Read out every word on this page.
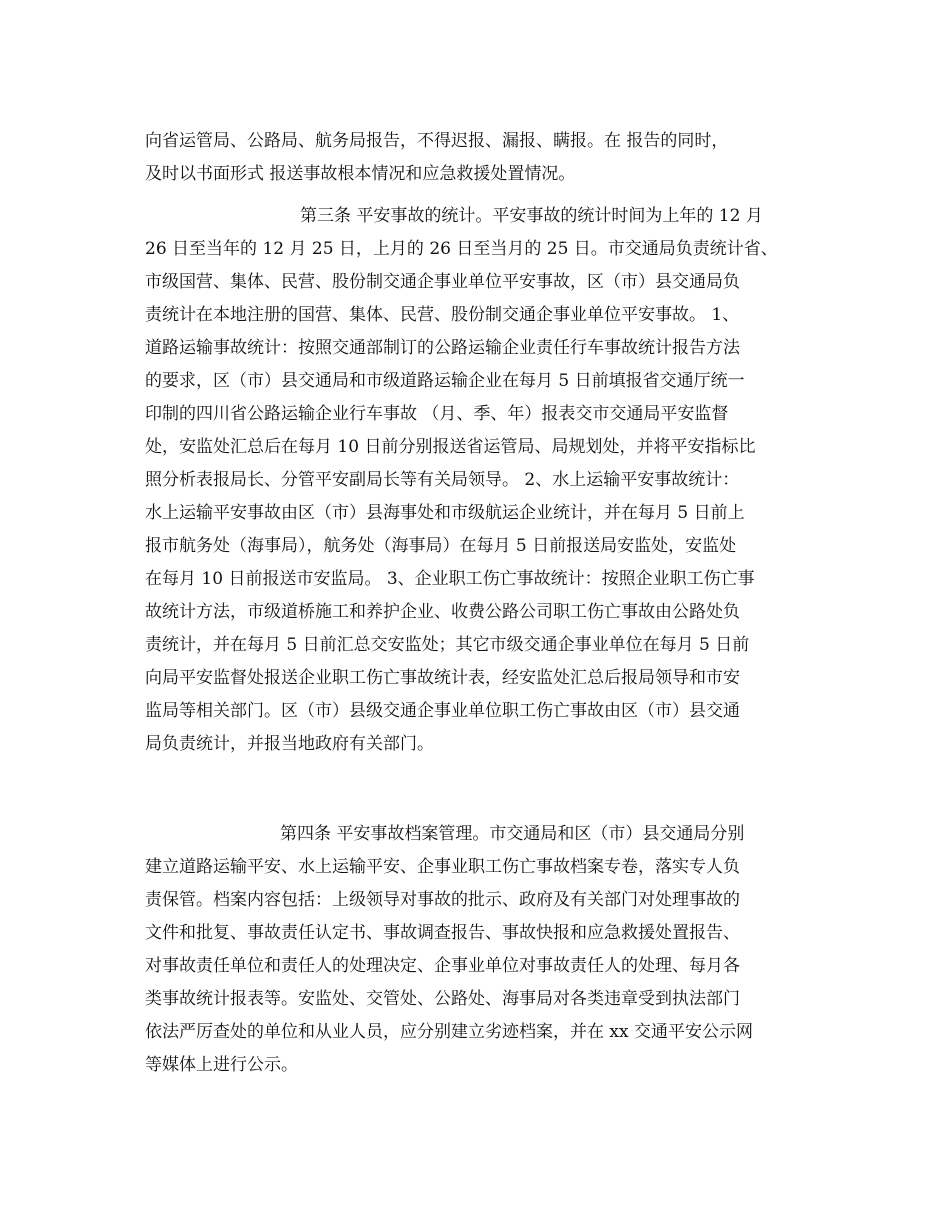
向省运管局、公路局、航务局报告，不得迟报、漏报、瞒报。在 报告的同时，
及时以书面形式 报送事故根本情况和应急救援处置情况。
第三条 平安事故的统计。平安事故的统计时间为上年的 12 月
26 日至当年的 12 月 25 日，上月的 26 日至当月的 25 日。市交通局负责统计省、
市级国营、集体、民营、股份制交通企事业单位平安事故，区（市）县交通局负
责统计在本地注册的国营、集体、民营、股份制交通企事业单位平安事故。 1、
道路运输事故统计：按照交通部制订的公路运输企业责任行车事故统计报告方法
的要求，区（市）县交通局和市级道路运输企业在每月 5 日前填报省交通厅统一
印制的四川省公路运输企业行车事故 （月、季、年）报表交市交通局平安监督
处，安监处汇总后在每月 10 日前分别报送省运管局、局规划处，并将平安指标比
照分析表报局长、分管平安副局长等有关局领导。 2、水上运输平安事故统计：
水上运输平安事故由区（市）县海事处和市级航运企业统计，并在每月 5 日前上
报市航务处（海事局），航务处（海事局）在每月 5 日前报送局安监处，安监处
在每月 10 日前报送市安监局。 3、企业职工伤亡事故统计：按照企业职工伤亡事
故统计方法，市级道桥施工和养护企业、收费公路公司职工伤亡事故由公路处负
责统计，并在每月 5 日前汇总交安监处；其它市级交通企事业单位在每月 5 日前
向局平安监督处报送企业职工伤亡事故统计表，经安监处汇总后报局领导和市安
监局等相关部门。区（市）县级交通企事业单位职工伤亡事故由区（市）县交通
局负责统计，并报当地政府有关部门。
第四条 平安事故档案管理。市交通局和区（市）县交通局分别
建立道路运输平安、水上运输平安、企事业职工伤亡事故档案专卷，落实专人负
责保管。档案内容包括：上级领导对事故的批示、政府及有关部门对处理事故的
文件和批复、事故责任认定书、事故调查报告、事故快报和应急救援处置报告、
对事故责任单位和责任人的处理决定、企事业单位对事故责任人的处理、每月各
类事故统计报表等。安监处、交管处、公路处、海事局对各类违章受到执法部门
依法严厉查处的单位和从业人员，应分别建立劣迹档案，并在 xx 交通平安公示网
等媒体上进行公示。
